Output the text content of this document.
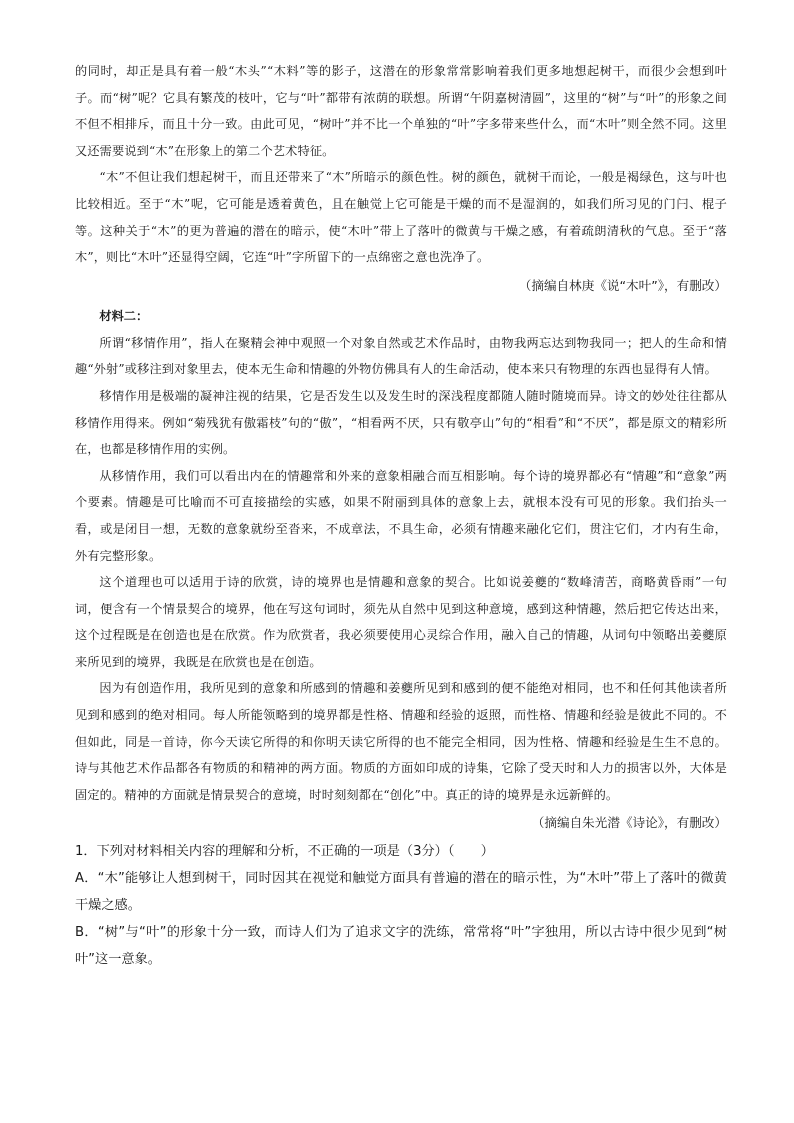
的同时，却正是具有着一般“木头”“木料”等的影子，这潜在的形象常常影响着我们更多地想起树干，而很少会想到叶子。而“树”呢？它具有繁茂的枝叶，它与“叶”都带有浓荫的联想。所谓“午阴嘉树清圆”，这里的“树”与“叶”的形象之间不但不相排斥，而且十分一致。由此可见，“树叶”并不比一个单独的“叶”字多带来些什么，而“木叶”则全然不同。这里又还需要说到“木”在形象上的第二个艺术特征。

“木”不但让我们想起树干，而且还带来了“木”所暗示的颜色性。树的颜色，就树干而论，一般是褐绿色，这与叶也比较相近。至于“木”呢，它可能是透着黄色，且在触觉上它可能是干燥的而不是湿润的，如我们所习见的门闩、棍子等。这种关于“木”的更为普遍的潜在的暗示，使“木叶”带上了落叶的微黄与干燥之感，有着疏朗清秋的气息。至于“落木”，则比“木叶”还显得空阔，它连“叶”字所留下的一点绵密之意也洗净了。

（摘编自林庚《说“木叶”》，有删改）

材料二：

所谓“移情作用”，指人在聚精会神中观照一个对象自然或艺术作品时，由物我两忘达到物我同一；把人的生命和情趣“外射”或移注到对象里去，使本无生命和情趣的外物仿佛具有人的生命活动，使本来只有物理的东西也显得有人情。

移情作用是极端的凝神注视的结果，它是否发生以及发生时的深浅程度都随人随时随境而异。诗文的妙处往往都从移情作用得来。例如“菊残犹有傲霜枝”句的“傲”，“相看两不厌，只有敬亭山”句的“相看”和“不厌”，都是原文的精彩所在，也都是移情作用的实例。

从移情作用，我们可以看出内在的情趣常和外来的意象相融合而互相影响。每个诗的境界都必有“情趣”和“意象”两个要素。情趣是可比喻而不可直接描绘的实感，如果不附丽到具体的意象上去，就根本没有可见的形象。我们抬头一看，或是闭目一想，无数的意象就纷至沓来，不成章法，不具生命，必须有情趣来融化它们，贯注它们，才内有生命，外有完整形象。

这个道理也可以适用于诗的欣赏，诗的境界也是情趣和意象的契合。比如说姜夔的“数峰清苦，商略黄昏雨”一句词，便含有一个情景契合的境界，他在写这句词时，须先从自然中见到这种意境，感到这种情趣，然后把它传达出来，这个过程既是在创造也是在欣赏。作为欣赏者，我必须要使用心灵综合作用，融入自己的情趣，从词句中领略出姜夔原来所见到的境界，我既是在欣赏也是在创造。

因为有创造作用，我所见到的意象和所感到的情趣和姜夔所见到和感到的便不能绝对相同，也不和任何其他读者所见到和感到的绝对相同。每人所能领略到的境界都是性格、情趣和经验的返照，而性格、情趣和经验是彼此不同的。不但如此，同是一首诗，你今天读它所得的和你明天读它所得的也不能完全相同，因为性格、情趣和经验是生生不息的。诗与其他艺术作品都各有物质的和精神的两方面。物质的方面如印成的诗集，它除了受天时和人力的损害以外，大体是固定的。精神的方面就是情景契合的意境，时时刻刻都在“创化”中。真正的诗的境界是永远新鲜的。

（摘编自朱光潜《诗论》，有删改）

1．下列对材料相关内容的理解和分析，不正确的一项是（3分）（　　）

A．“木”能够让人想到树干，同时因其在视觉和触觉方面具有普遍的潜在的暗示性，为“木叶”带上了落叶的微黄干燥之感。

B．“树”与“叶”的形象十分一致，而诗人们为了追求文字的洗练，常常将“叶”字独用，所以古诗中很少见到“树叶”这一意象。
